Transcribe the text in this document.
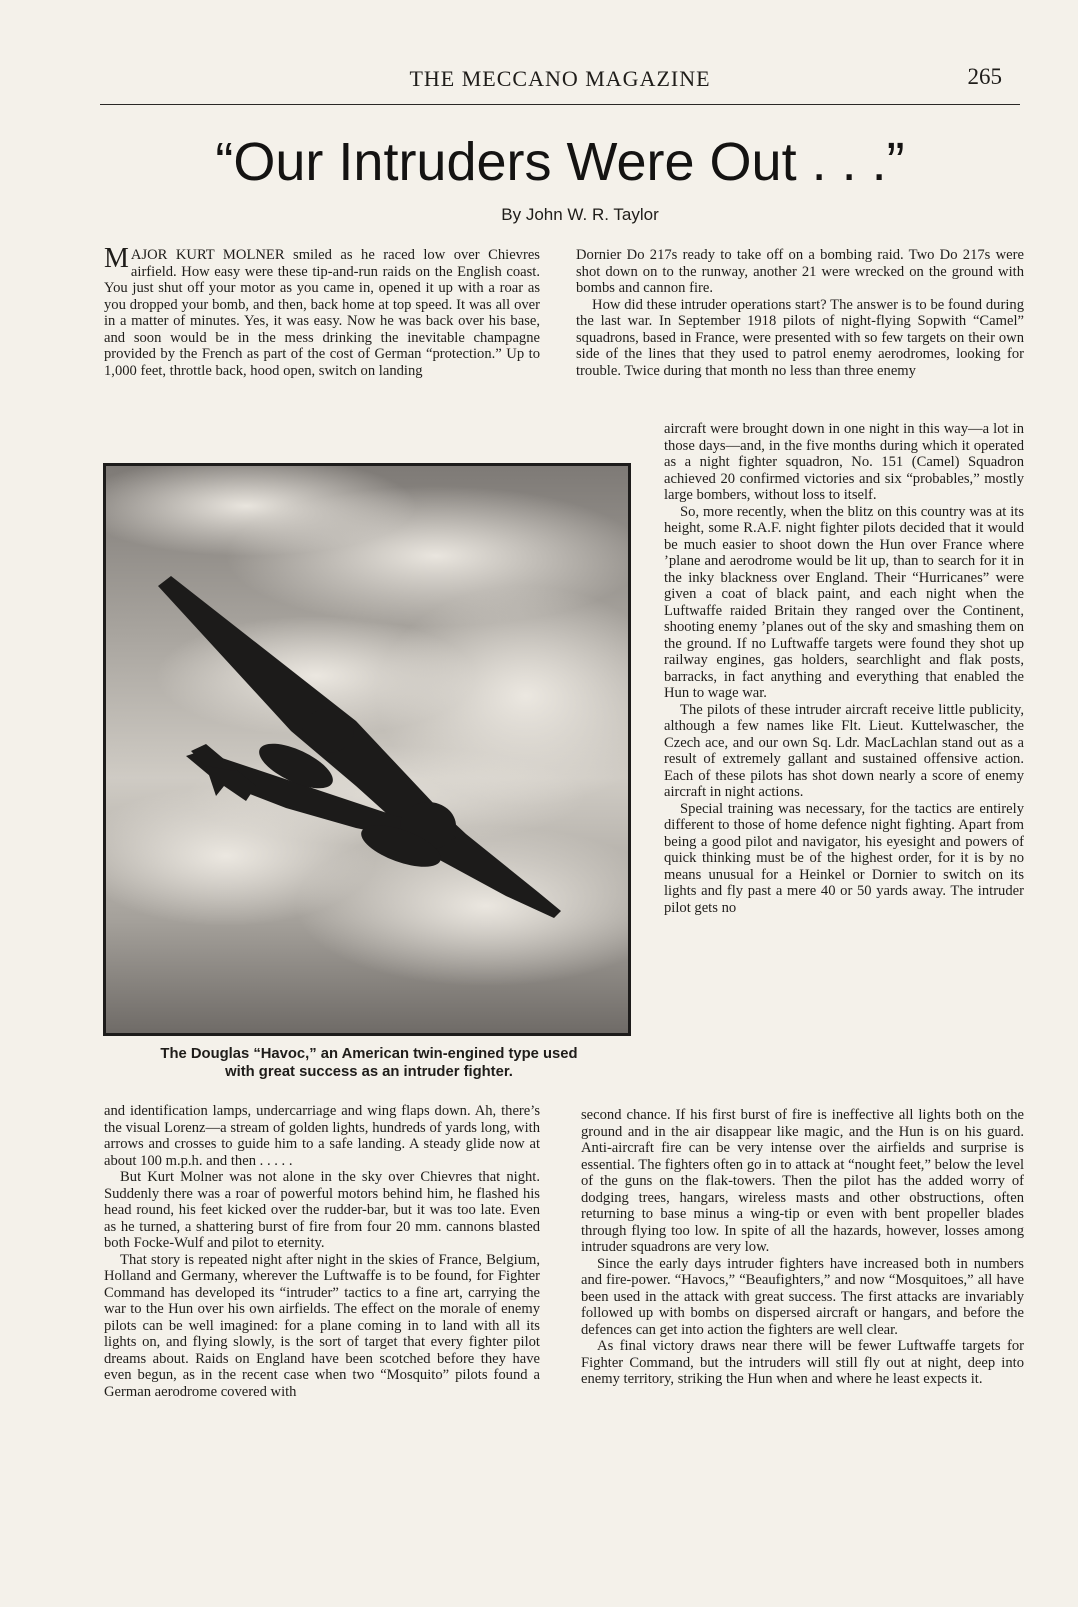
THE MECCANO MAGAZINE	265
“Our Intruders Were Out . . .”
By John W. R. Taylor

MAJOR KURT MOLNER smiled as he raced low over Chievres airfield. How easy were these tip-and-run raids on the English coast. You just shut off your motor as you came in, opened it up with a roar as you dropped your bomb, and then, back home at top speed. It was all over in a matter of minutes. Yes, it was easy. Now he was back over his base, and soon would be in the mess drinking the inevitable champagne provided by the French as part of the cost of German “protection.” Up to 1,000 feet, throttle back, hood open, switch on landing

Dornier Do 217s ready to take off on a bombing raid. Two Do 217s were shot down on to the runway, another 21 were wrecked on the ground with bombs and cannon fire.

How did these intruder operations start? The answer is to be found during the last war. In September 1918 pilots of night-flying Sopwith “Camel” squadrons, based in France, were presented with so few targets on their own side of the lines that they used to patrol enemy aerodromes, looking for trouble. Twice during that month no less than three enemy

aircraft were brought down in one night in this way—a lot in those days—and, in the five months during which it operated as a night fighter squadron, No. 151 (Camel) Squadron achieved 20 confirmed victories and six “probables,” mostly large bombers, without loss to itself.

So, more recently, when the blitz on this country was at its height, some R.A.F. night fighter pilots decided that it would be much easier to shoot down the Hun over France where ’plane and aerodrome would be lit up, than to search for it in the inky blackness over England. Their “Hurricanes” were given a coat of black paint, and each night when the Luftwaffe raided Britain they ranged over the Continent, shooting enemy ’planes out of the sky and smashing them on the ground. If no Luftwaffe targets were found they shot up railway engines, gas holders, searchlight and flak posts, barracks, in fact anything and everything that enabled the Hun to wage war.

The pilots of these intruder aircraft receive little publicity, although a few names like Flt. Lieut. Kuttelwascher, the Czech ace, and our own Sq. Ldr. MacLachlan stand out as a result of extremely gallant and sustained offensive action. Each of these pilots has shot down nearly a score of enemy aircraft in night actions.

Special training was necessary, for the tactics are entirely different to those of home defence night fighting. Apart from being a good pilot and navigator, his eyesight and powers of quick thinking must be of the highest order, for it is by no means unusual for a Heinkel or Dornier to switch on its lights and fly past a mere 40 or 50 yards away. The intruder pilot gets no

The Douglas “Havoc,” an American twin-engined type used
with great success as an intruder fighter.

and identification lamps, undercarriage and wing flaps down. Ah, there’s the visual Lorenz—a stream of golden lights, hundreds of yards long, with arrows and crosses to guide him to a safe landing. A steady glide now at about 100 m.p.h. and then . . . . .

But Kurt Molner was not alone in the sky over Chievres that night. Suddenly there was a roar of powerful motors behind him, he flashed his head round, his feet kicked over the rudder-bar, but it was too late. Even as he turned, a shattering burst of fire from four 20 mm. cannons blasted both Focke-Wulf and pilot to eternity.

That story is repeated night after night in the skies of France, Belgium, Holland and Germany, wherever the Luftwaffe is to be found, for Fighter Command has developed its “intruder” tactics to a fine art, carrying the war to the Hun over his own airfields. The effect on the morale of enemy pilots can be well imagined: for a plane coming in to land with all its lights on, and flying slowly, is the sort of target that every fighter pilot dreams about. Raids on England have been scotched before they have even begun, as in the recent case when two “Mosquito” pilots found a German aerodrome covered with

second chance. If his first burst of fire is ineffective all lights both on the ground and in the air disappear like magic, and the Hun is on his guard. Anti-aircraft fire can be very intense over the airfields and surprise is essential. The fighters often go in to attack at “nought feet,” below the level of the guns on the flak-towers. Then the pilot has the added worry of dodging trees, hangars, wireless masts and other obstructions, often returning to base minus a wing-tip or even with bent propeller blades through flying too low. In spite of all the hazards, however, losses among intruder squadrons are very low.

Since the early days intruder fighters have increased both in numbers and fire-power. “Havocs,” “Beaufighters,” and now “Mosquitoes,” all have been used in the attack with great success. The first attacks are invariably followed up with bombs on dispersed aircraft or hangars, and before the defences can get into action the fighters are well clear.

As final victory draws near there will be fewer Luftwaffe targets for Fighter Command, but the intruders will still fly out at night, deep into enemy territory, striking the Hun when and where he least expects it.
